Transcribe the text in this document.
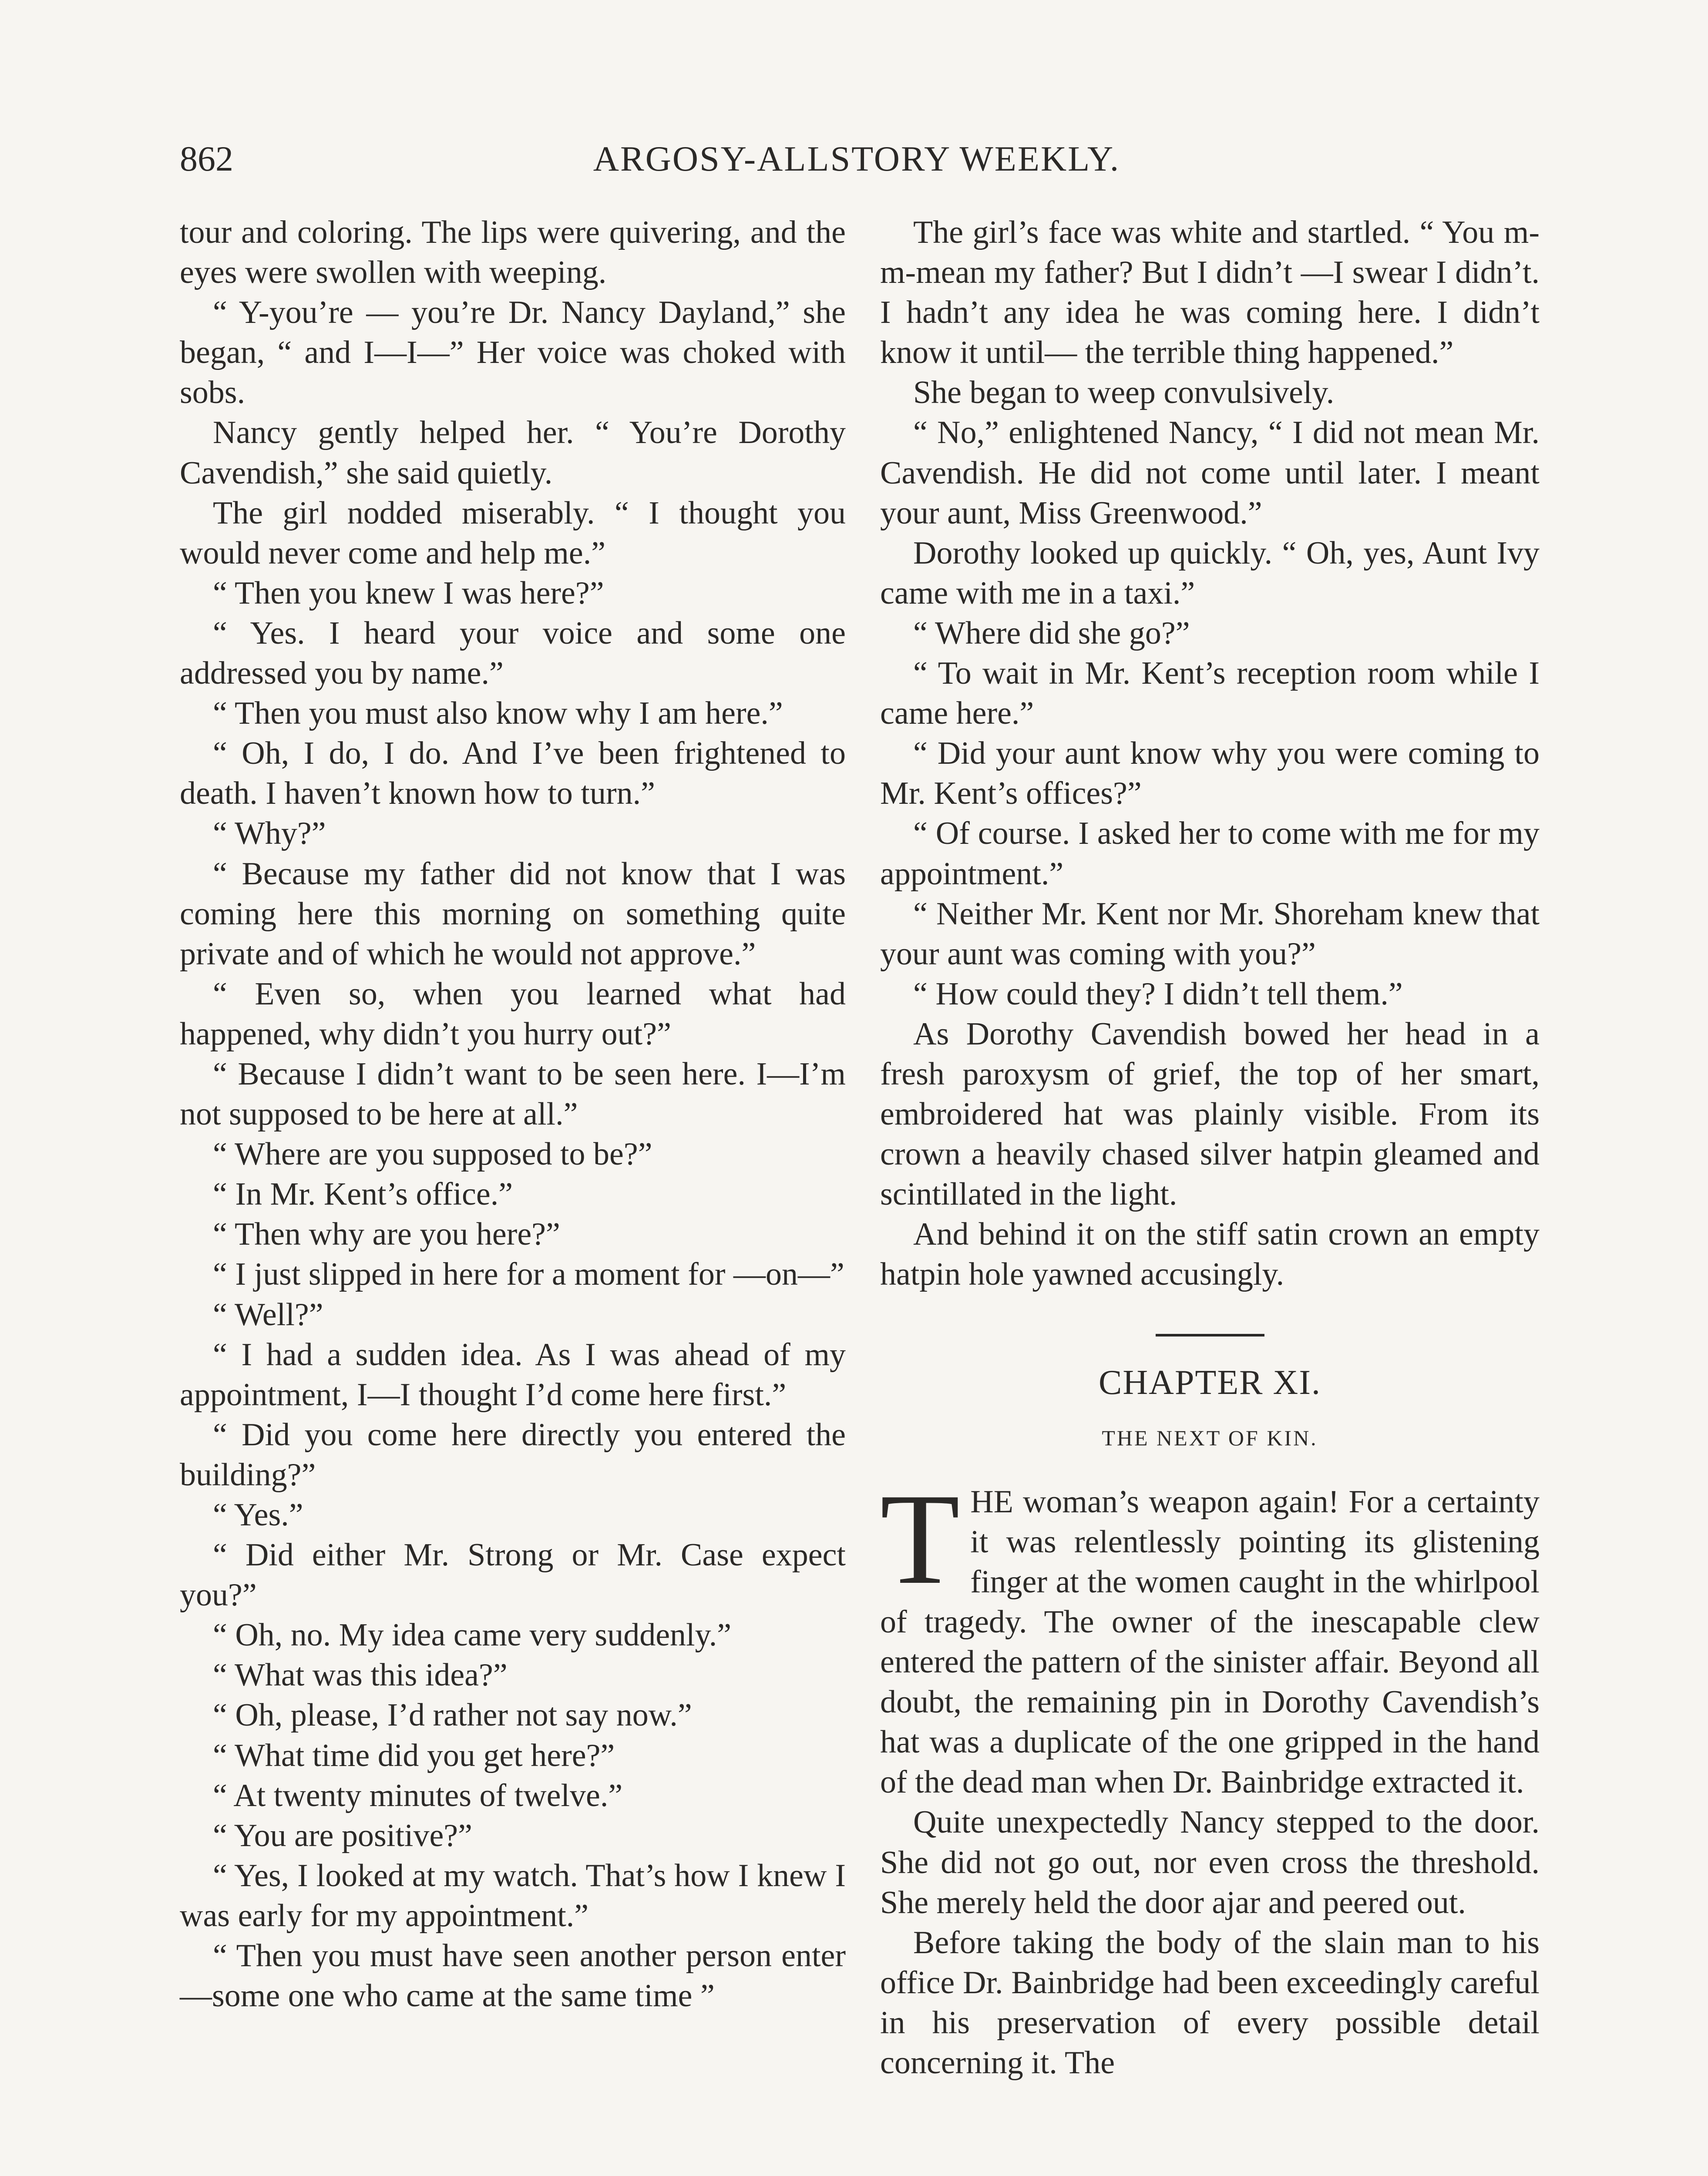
862	ARGOSY-ALLSTORY WEEKLY.

tour and coloring. The lips were quivering, and the eyes were swollen with weeping.

“ Y-you’re — you’re Dr. Nancy Dayland,” she began, “ and I—I—” Her voice was choked with sobs.

Nancy gently helped her. “ You’re Dorothy Cavendish,” she said quietly.

The girl nodded miserably. “ I thought you would never come and help me.”

“ Then you knew I was here?”

“ Yes. I heard your voice and some one addressed you by name.”

“ Then you must also know why I am here.”

“ Oh, I do, I do. And I’ve been frightened to death. I haven’t known how to turn.”

“ Why?”

“ Because my father did not know that I was coming here this morning on something quite private and of which he would not approve.”

“ Even so, when you learned what had happened, why didn’t you hurry out?”

“ Because I didn’t want to be seen here. I—I’m not supposed to be here at all.”

“ Where are you supposed to be?”

“ In Mr. Kent’s office.”

“ Then why are you here?”

“ I just slipped in here for a moment for —on—”

“ Well?”

“ I had a sudden idea. As I was ahead of my appointment, I—I thought I’d come here first.”

“ Did you come here directly you entered the building?”

“ Yes.”

“ Did either Mr. Strong or Mr. Case expect you?”

“ Oh, no. My idea came very suddenly.”

“ What was this idea?”

“ Oh, please, I’d rather not say now.”

“ What time did you get here?”

“ At twenty minutes of twelve.”

“ You are positive?”

“ Yes, I looked at my watch. That’s how I knew I was early for my appointment.”

“ Then you must have seen another person enter—some one who came at the same time ”

The girl’s face was white and startled. “ You m-m-mean my father? But I didn’t —I swear I didn’t. I hadn’t any idea he was coming here. I didn’t know it until— the terrible thing happened.”

She began to weep convulsively.

“ No,” enlightened Nancy, “ I did not mean Mr. Cavendish. He did not come until later. I meant your aunt, Miss Greenwood.”

Dorothy looked up quickly. “ Oh, yes, Aunt Ivy came with me in a taxi.”

“ Where did she go?”

“ To wait in Mr. Kent’s reception room while I came here.”

“ Did your aunt know why you were coming to Mr. Kent’s offices?”

“ Of course. I asked her to come with me for my appointment.”

“ Neither Mr. Kent nor Mr. Shoreham knew that your aunt was coming with you?”

“ How could they? I didn’t tell them.”

As Dorothy Cavendish bowed her head in a fresh paroxysm of grief, the top of her smart, embroidered hat was plainly visible. From its crown a heavily chased silver hatpin gleamed and scintillated in the light.

And behind it on the stiff satin crown an empty hatpin hole yawned accusingly.

CHAPTER XI.
THE NEXT OF KIN.

THE woman’s weapon again! For a certainty it was relentlessly pointing its glistening finger at the women caught in the whirlpool of tragedy. The owner of the inescapable clew entered the pattern of the sinister affair. Beyond all doubt, the remaining pin in Dorothy Cavendish’s hat was a duplicate of the one gripped in the hand of the dead man when Dr. Bainbridge extracted it.

Quite unexpectedly Nancy stepped to the door. She did not go out, nor even cross the threshold. She merely held the door ajar and peered out.

Before taking the body of the slain man to his office Dr. Bainbridge had been exceedingly careful in his preservation of every possible detail concerning it. The
